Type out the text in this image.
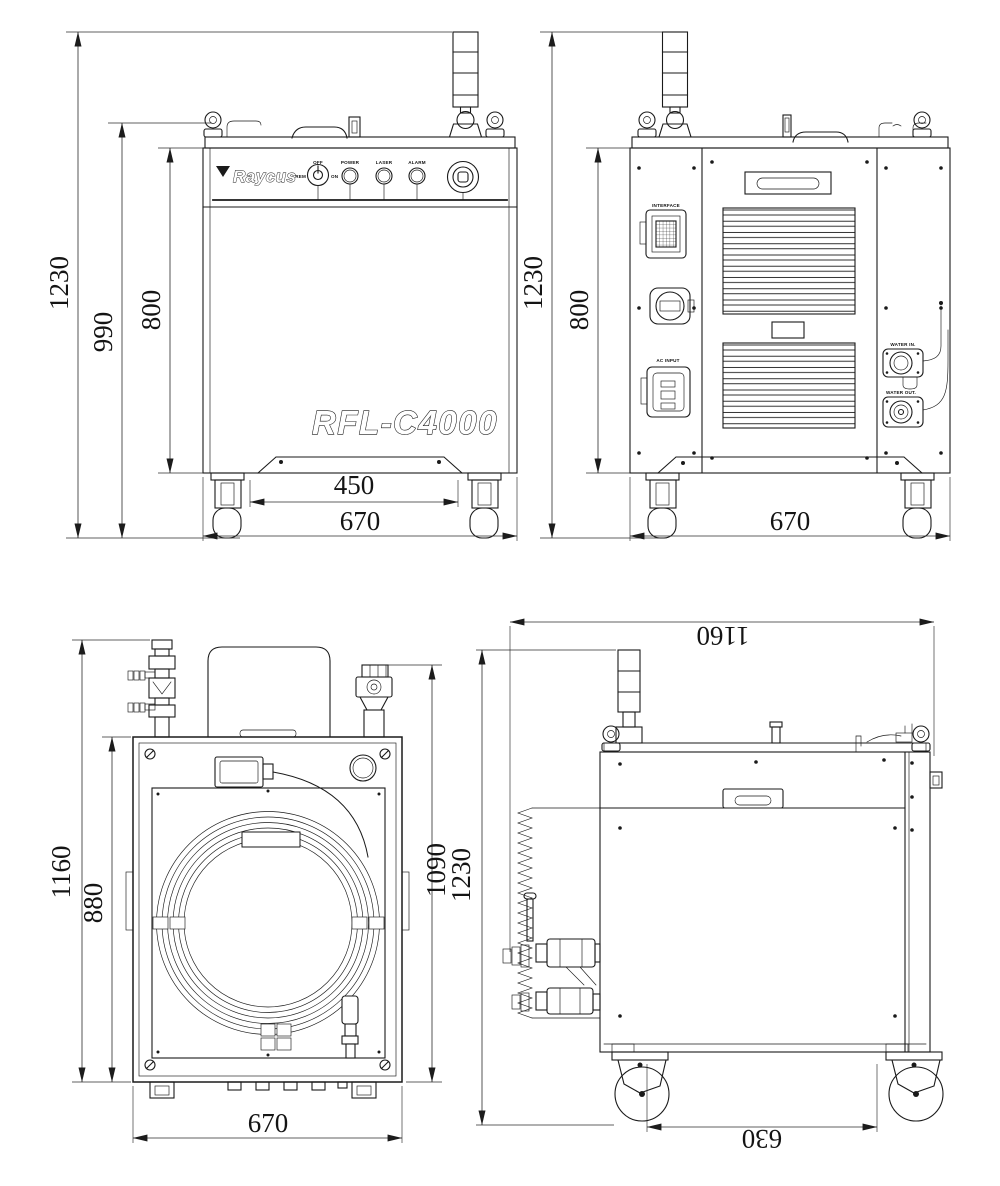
Raycus
OFF
REM	ON
POWER	LASER	ALARM
RFL-C4000
1230
990
800
450
670
INTERFACE
AC INPUT
WATER IN.
WATER OUT.
1230 800
670
1160
880
1090
670
1160
1230
630
